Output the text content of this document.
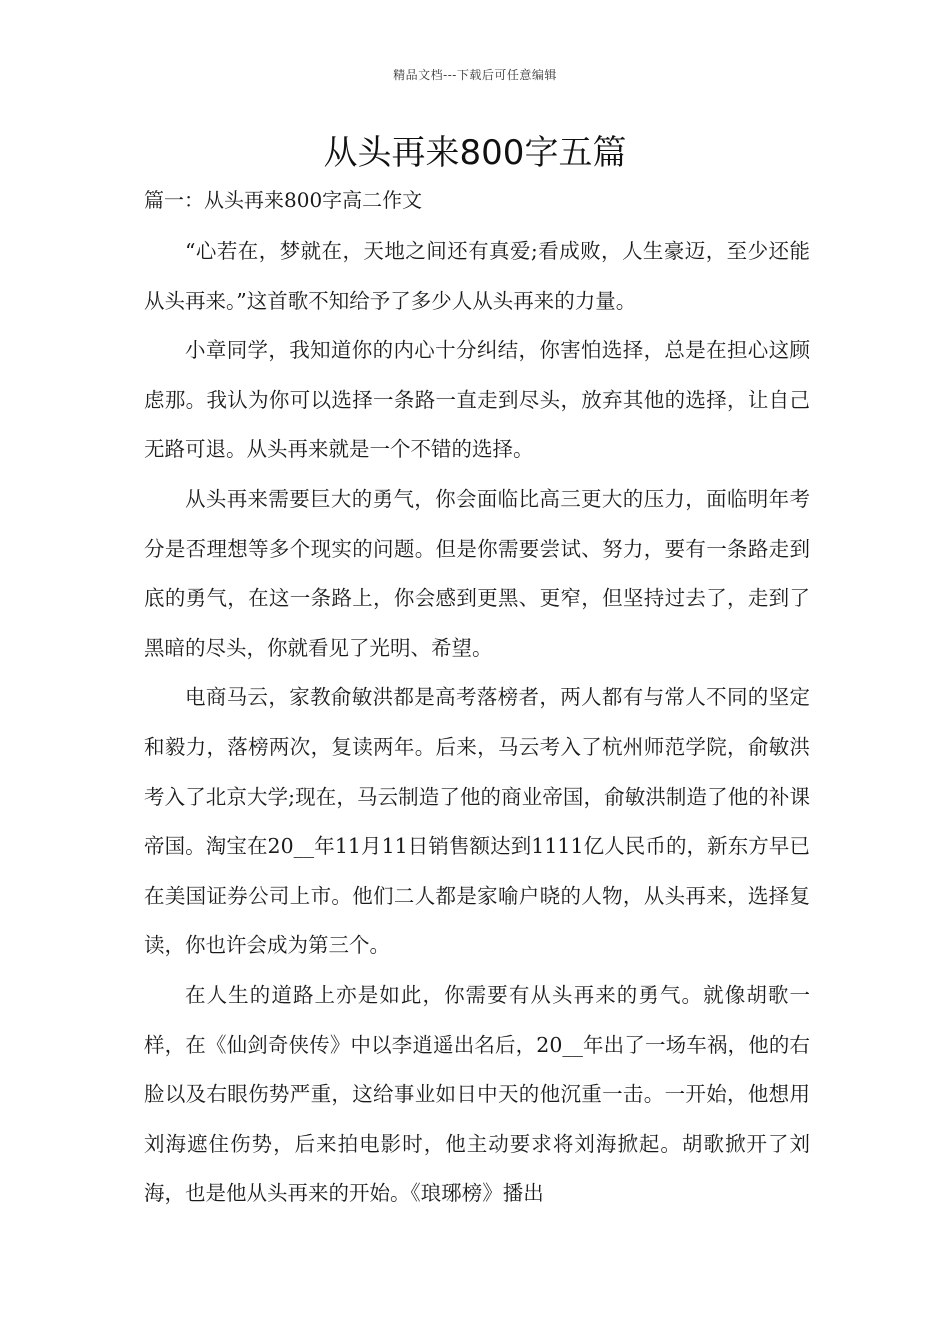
精品文档---下载后可任意编辑
从头再来800字五篇
篇一：从头再来800字高二作文

“心若在，梦就在，天地之间还有真爱;看成败，人生豪迈，至少还能从头再来。”这首歌不知给予了多少人从头再来的力量。

小章同学，我知道你的内心十分纠结，你害怕选择，总是在担心这顾虑那。我认为你可以选择一条路一直走到尽头，放弃其他的选择，让自己无路可退。从头再来就是一个不错的选择。

从头再来需要巨大的勇气，你会面临比高三更大的压力，面临明年考分是否理想等多个现实的问题。但是你需要尝试、努力，要有一条路走到底的勇气，在这一条路上，你会感到更黑、更窄，但坚持过去了，走到了黑暗的尽头，你就看见了光明、希望。

电商马云，家教俞敏洪都是高考落榜者，两人都有与常人不同的坚定和毅力，落榜两次，复读两年。后来，马云考入了杭州师范学院，俞敏洪考入了北京大学;现在，马云制造了他的商业帝国，俞敏洪制造了他的补课帝国。淘宝在20__年11月11日销售额达到1111亿人民币的，新东方早已在美国证券公司上市。他们二人都是家喻户晓的人物，从头再来，选择复读，你也许会成为第三个。

在人生的道路上亦是如此，你需要有从头再来的勇气。就像胡歌一样，在《仙剑奇侠传》中以李逍遥出名后，20__年出了一场车祸，他的右脸以及右眼伤势严重，这给事业如日中天的他沉重一击。一开始，他想用刘海遮住伤势，后来拍电影时，他主动要求将刘海掀起。胡歌掀开了刘海，也是他从头再来的开始。《琅琊榜》播出
